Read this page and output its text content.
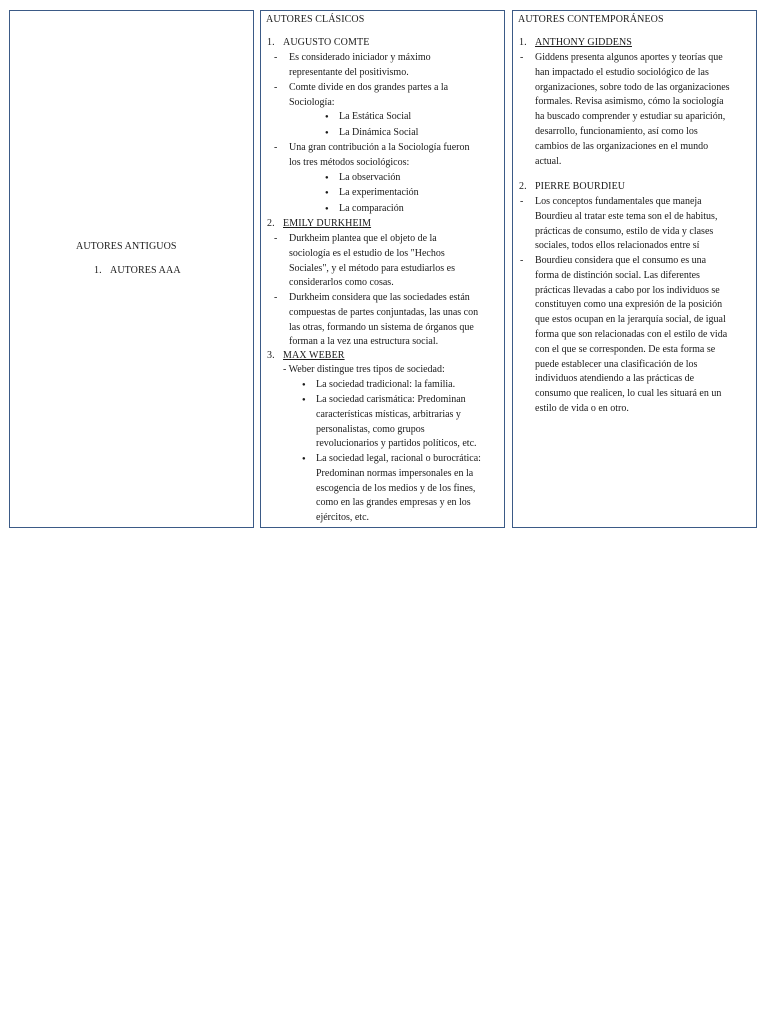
AUTORES ANTIGUOS
1. AUTORES AAA
AUTORES CLÁSICOS
1. AUGUSTO COMTE
- Es considerado iniciador y máximo
representante del positivismo.
- Comte divide en dos grandes partes a la
Sociología:
● La Estática Social
● La Dinámica Social
- Una gran contribución a la Sociología fueron
los tres métodos sociológicos:
● La observación
● La experimentación
● La comparación
2. EMILY DURKHEIM
- Durkheim plantea que el objeto de la
sociología es el estudio de los "Hechos
Sociales", y el método para estudiarlos es
considerarlos como cosas.
- Durkheim considera que las sociedades están
compuestas de partes conjuntadas, las unas con
las otras, formando un sistema de órganos que
forman a la vez una estructura social.
3. MAX WEBER
- Weber distingue tres tipos de sociedad:
● La sociedad tradicional: la familia.
● La sociedad carismática: Predominan
características místicas, arbitrarias y
personalistas, como grupos
revolucionarios y partidos políticos, etc.
● La sociedad legal, racional o burocrática:
Predominan normas impersonales en la
escogencia de los medios y de los fines,
como en las grandes empresas y en los
ejércitos, etc.
AUTORES CONTEMPORÁNEOS
1. ANTHONY GIDDENS
- Giddens presenta algunos aportes y teorías que
han impactado el estudio sociológico de las
organizaciones, sobre todo de las organizaciones
formales. Revisa asimismo, cómo la sociología
ha buscado comprender y estudiar su aparición,
desarrollo, funcionamiento, así como los
cambios de las organizaciones en el mundo
actual.
2. PIERRE BOURDIEU
- Los conceptos fundamentales que maneja
Bourdieu al tratar este tema son el de habitus,
prácticas de consumo, estilo de vida y clases
sociales, todos ellos relacionados entre sí
- Bourdieu considera que el consumo es una
forma de distinción social. Las diferentes
prácticas llevadas a cabo por los individuos se
constituyen como una expresión de la posición
que estos ocupan en la jerarquía social, de igual
forma que son relacionadas con el estilo de vida
con el que se corresponden. De esta forma se
puede establecer una clasificación de los
individuos atendiendo a las prácticas de
consumo que realicen, lo cual les situará en un
estilo de vida o en otro.
